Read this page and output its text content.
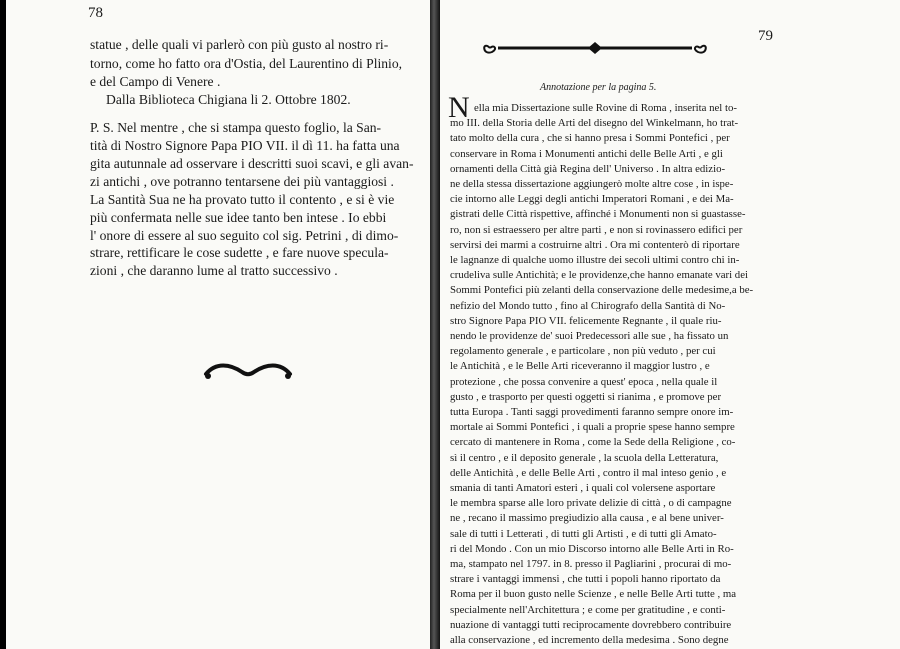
78
statue , delle quali vi parlerò con più gusto al nostro ri-
torno, come ho fatto ora d'Ostia, del Laurentino di Plinio,
e del Campo di Venere .
Dalla Biblioteca Chigiana li 2. Ottobre 1802.
P. S. Nel mentre , che si stampa questo foglio, la San-
tità di Nostro Signore Papa PIO VII. il dì 11. ha fatta una
gita autunnale ad osservare i descritti suoi scavi, e gli avan-
zi antichi , ove potranno tentarsene dei più vantaggiosi .
La Santità Sua ne ha provato tutto il contento , e si è vie
più confermata nelle sue idee tanto ben intese . Io ebbi
l' onore di essere al suo seguito col sig. Petrini , di dimo-
strare, rettificare le cose sudette , e fare nuove specula-
zioni , che daranno lume al tratto successivo .
79
Annotazione per la pagina 5.
N ella mia Dissertazione sulle Rovine di Roma , inserita nel to-
mo III. della Storia delle Arti del disegno del Winkelmann, ho trat-
tato molto della cura , che si hanno presa i Sommi Pontefici , per
conservare in Roma i Monumenti antichi delle Belle Arti , e gli
ornamenti della Città già Regina dell' Universo . In altra edizio-
ne della stessa dissertazione aggiungerò molte altre cose , in ispe-
cie intorno alle Leggi degli antichi Imperatori Romani , e dei Ma-
gistrati delle Città rispettive, affinché i Monumenti non si guastasse-
ro, non si estraessero per altre parti , e non si rovinassero edifici per
servirsi dei marmi a costruirne altri . Ora mi contenterò di riportare
le lagnanze di qualche uomo illustre dei secoli ultimi contro chi in-
crudeliva sulle Antichità; e le providenze,che hanno emanate vari dei
Sommi Pontefici più zelanti della conservazione delle medesime,a be-
nefizio del Mondo tutto , fino al Chirografo della Santità di No-
stro Signore Papa PIO VII. felicemente Regnante , il quale riu-
nendo le providenze de' suoi Predecessori alle sue , ha fissato un
regolamento generale , e particolare , non più veduto , per cui
le Antichità , e le Belle Arti riceveranno il maggior lustro , e
protezione , che possa convenire a quest' epoca , nella quale il
gusto , e trasporto per questi oggetti si rianima , e promove per
tutta Europa . Tanti saggi provedimenti faranno sempre onore im-
mortale ai Sommi Pontefici , i quali a proprie spese hanno sempre
cercato di mantenere in Roma , come la Sede della Religione , co-
sì il centro , e il deposito generale , la scuola della Letteratura,
delle Antichità , e delle Belle Arti , contro il mal inteso genio , e
smania di tanti Amatori esteri , i quali col volersene asportare
le membra sparse alle loro private delizie di città , o di campagne
ne , recano il massimo pregiudizio alla causa , e al bene univer-
sale di tutti i Letterati , di tutti gli Artisti , e di tutti gli Amato-
ri del Mondo . Con un mio Discorso intorno alle Belle Arti in Ro-
ma, stampato nel 1797. in 8. presso il Pagliarini , procurai di mo-
strare i vantaggi immensi , che tutti i popoli hanno riportato da
Roma per il buon gusto nelle Scienze , e nelle Belle Arti tutte , ma
specialmente nell'Architettura ; e come per gratitudine , e conti-
nuazione di vantaggi tutti reciprocamente dovrebbero contribuire
alla conservazione , ed incremento della medesima . Sono degne
